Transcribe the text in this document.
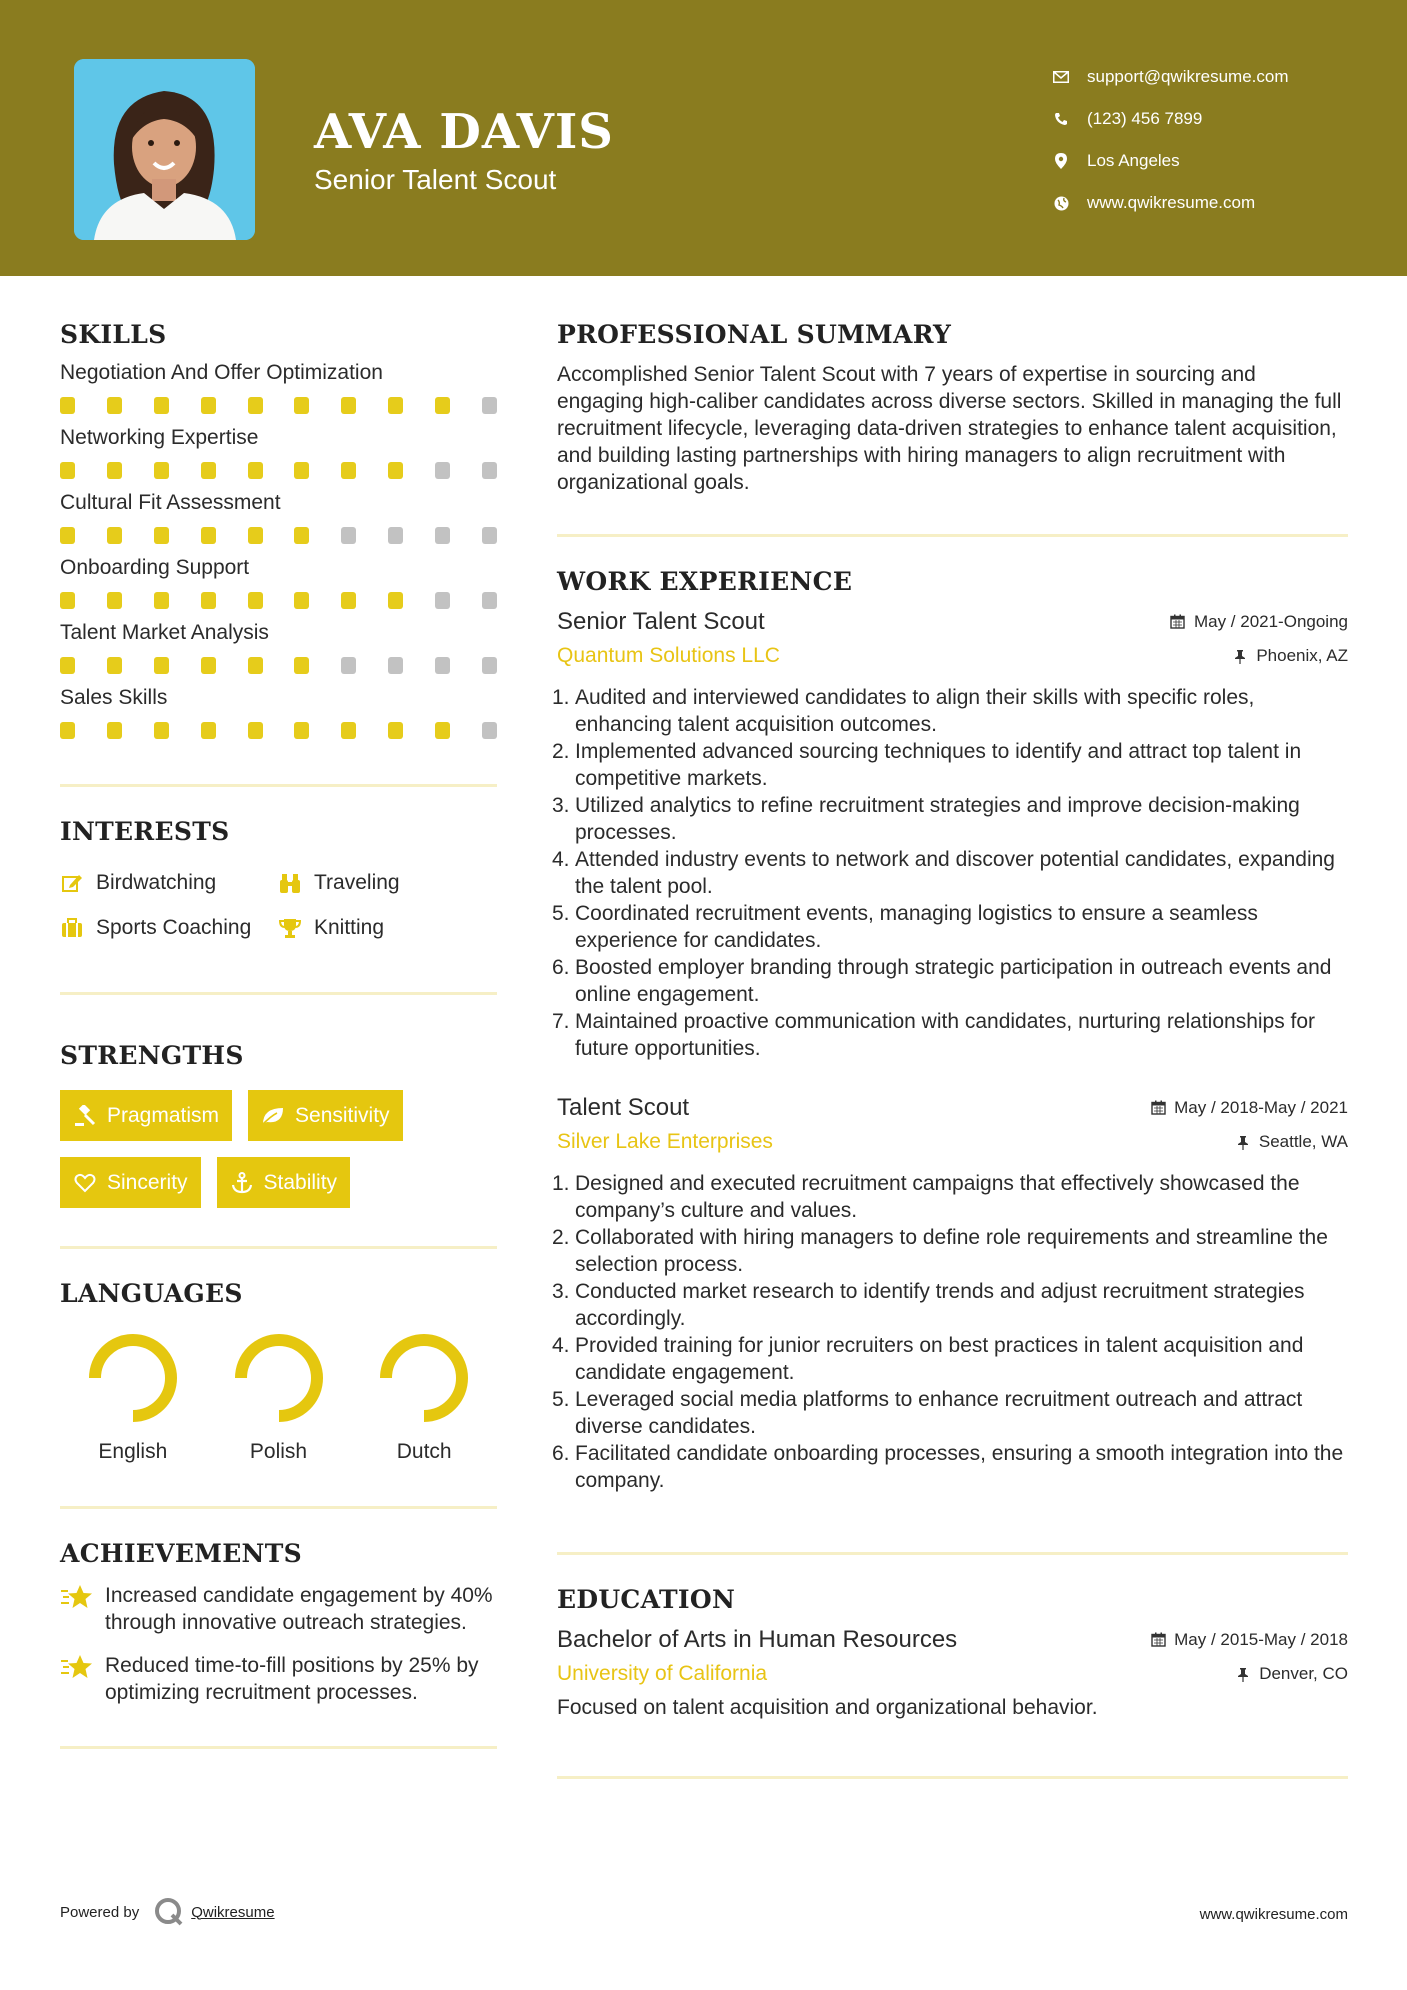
AVA DAVIS
Senior Talent Scout
support@qwikresume.com
(123) 456 7899
Los Angeles
www.qwikresume.com
SKILLS
Negotiation And Offer Optimization
Networking Expertise
Cultural Fit Assessment
Onboarding Support
Talent Market Analysis
Sales Skills
INTERESTS
Birdwatching	Traveling
Sports Coaching	Knitting
STRENGTHS
Pragmatism	Sensitivity
Sincerity	Stability
LANGUAGES
English	Polish	Dutch
ACHIEVEMENTS
Increased candidate engagement by 40% through innovative outreach strategies.
Reduced time-to-fill positions by 25% by optimizing recruitment processes.
PROFESSIONAL SUMMARY
Accomplished Senior Talent Scout with 7 years of expertise in sourcing and engaging high-caliber candidates across diverse sectors. Skilled in managing the full recruitment lifecycle, leveraging data-driven strategies to enhance talent acquisition, and building lasting partnerships with hiring managers to align recruitment with organizational goals.
WORK EXPERIENCE
Senior Talent Scout	May / 2021-Ongoing
Quantum Solutions LLC	Phoenix, AZ
1. Audited and interviewed candidates to align their skills with specific roles, enhancing talent acquisition outcomes.
2. Implemented advanced sourcing techniques to identify and attract top talent in competitive markets.
3. Utilized analytics to refine recruitment strategies and improve decision-making processes.
4. Attended industry events to network and discover potential candidates, expanding the talent pool.
5. Coordinated recruitment events, managing logistics to ensure a seamless experience for candidates.
6. Boosted employer branding through strategic participation in outreach events and online engagement.
7. Maintained proactive communication with candidates, nurturing relationships for future opportunities.
Talent Scout	May / 2018-May / 2021
Silver Lake Enterprises	Seattle, WA
1. Designed and executed recruitment campaigns that effectively showcased the company’s culture and values.
2. Collaborated with hiring managers to define role requirements and streamline the selection process.
3. Conducted market research to identify trends and adjust recruitment strategies accordingly.
4. Provided training for junior recruiters on best practices in talent acquisition and candidate engagement.
5. Leveraged social media platforms to enhance recruitment outreach and attract diverse candidates.
6. Facilitated candidate onboarding processes, ensuring a smooth integration into the company.
EDUCATION
Bachelor of Arts in Human Resources	May / 2015-May / 2018
University of California	Denver, CO
Focused on talent acquisition and organizational behavior.
Powered by	Qwikresume	www.qwikresume.com
